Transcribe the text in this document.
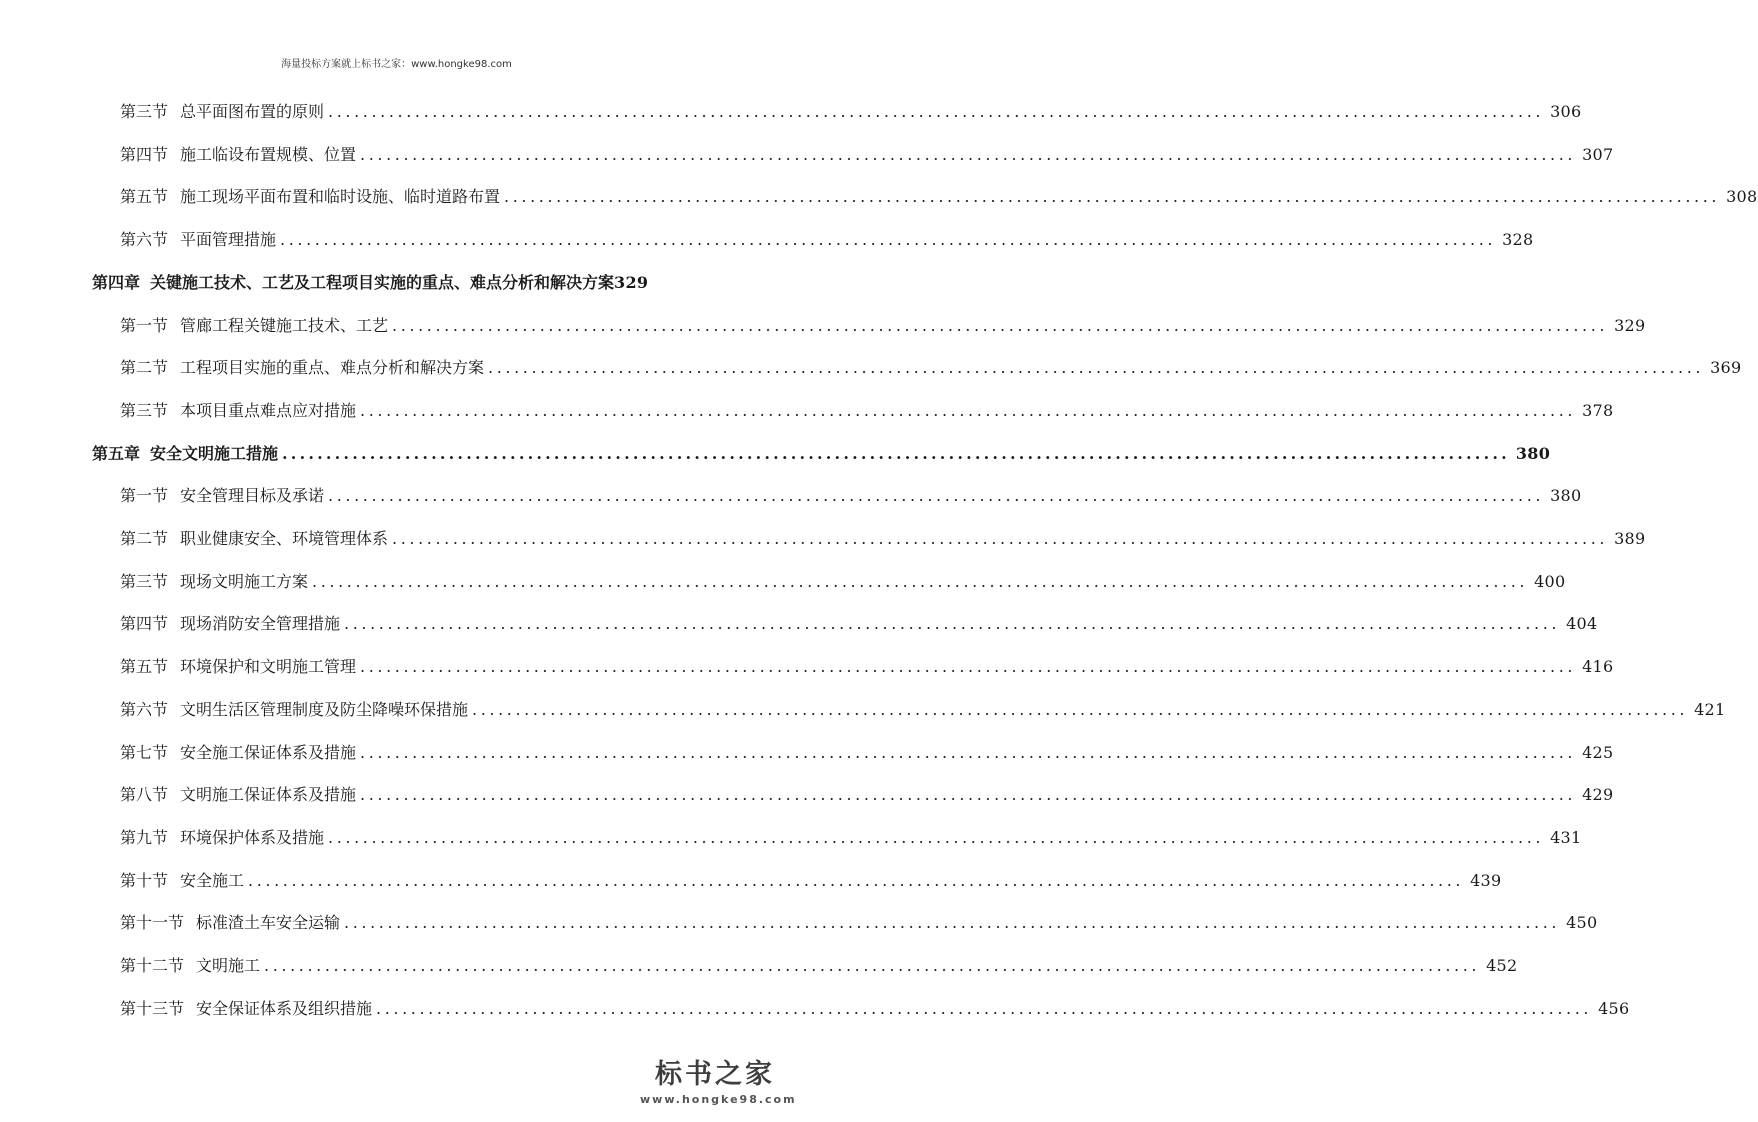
海量投标方案就上标书之家：www.hongke98.com
第三节 总平面图布置的原则 ............................................................................................................................................ 306
第四节 施工临设布置规模、位置 ............................................................................................................................................ 307
第五节 施工现场平面布置和临时设施、临时道路布置 ............................................................................................................................................ 308
第六节 平面管理措施 ............................................................................................................................................ 328
第四章 关键施工技术、工艺及工程项目实施的重点、难点分析和解决方案 329
第一节 管廊工程关键施工技术、工艺 ............................................................................................................................................ 329
第二节 工程项目实施的重点、难点分析和解决方案 ............................................................................................................................................ 369
第三节 本项目重点难点应对措施 ............................................................................................................................................ 378
第五章 安全文明施工措施 ............................................................................................................................................ 380
第一节 安全管理目标及承诺 ............................................................................................................................................ 380
第二节 职业健康安全、环境管理体系 ............................................................................................................................................ 389
第三节 现场文明施工方案 ............................................................................................................................................ 400
第四节 现场消防安全管理措施 ............................................................................................................................................ 404
第五节 环境保护和文明施工管理 ............................................................................................................................................ 416
第六节 文明生活区管理制度及防尘降噪环保措施 ............................................................................................................................................ 421
第七节 安全施工保证体系及措施 ............................................................................................................................................ 425
第八节 文明施工保证体系及措施 ............................................................................................................................................ 429
第九节 环境保护体系及措施 ............................................................................................................................................ 431
第十节 安全施工 ............................................................................................................................................ 439
第十一节 标准渣土车安全运输 ............................................................................................................................................ 450
第十二节 文明施工 ............................................................................................................................................ 452
第十三节 安全保证体系及组织措施 ............................................................................................................................................ 456
标书之家
www.hongke98.com
